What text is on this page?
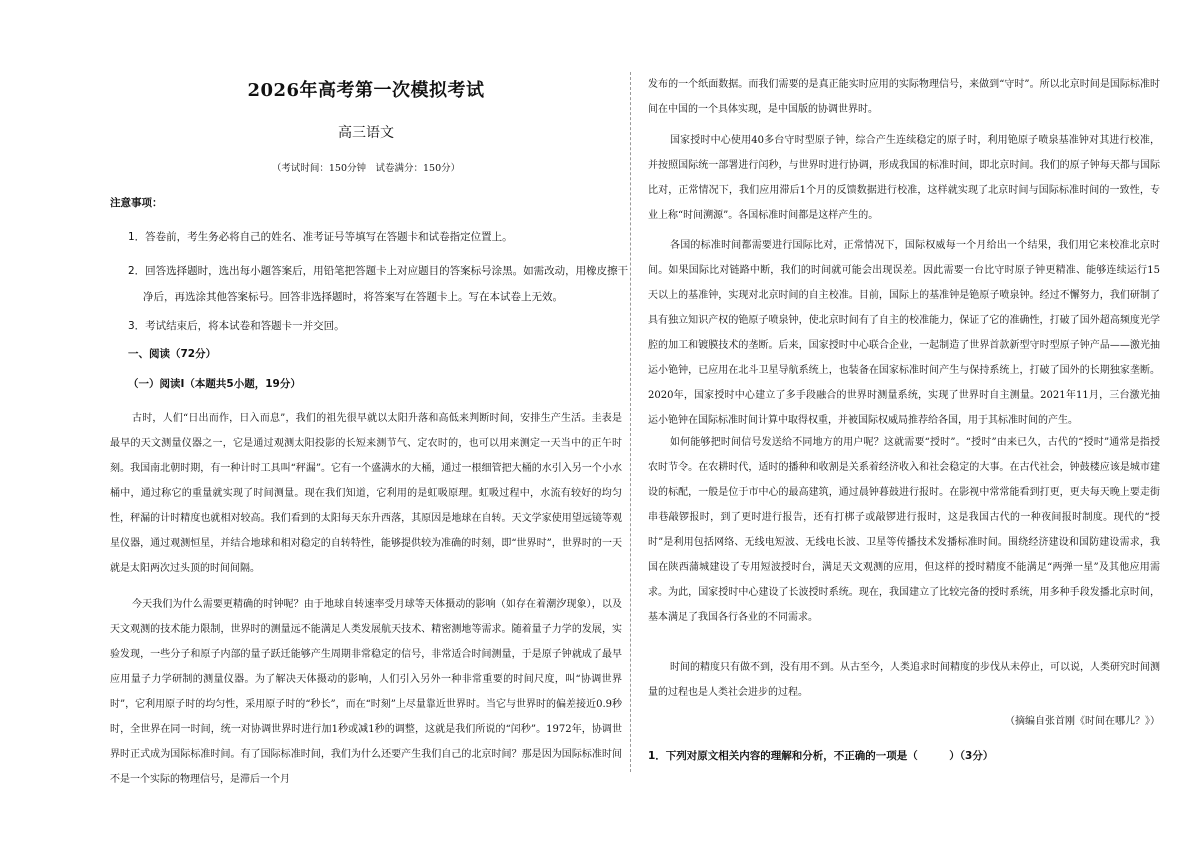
2026年高考第一次模拟考试

高三语文

（考试时间：150分钟　试卷满分：150分）

注意事项：

1．答卷前，考生务必将自己的姓名、准考证号等填写在答题卡和试卷指定位置上。

2．回答选择题时，选出每小题答案后，用铅笔把答题卡上对应题目的答案标号涂黑。如需改动，用橡皮擦干净后，再选涂其他答案标号。回答非选择题时，将答案写在答题卡上。写在本试卷上无效。

3．考试结束后，将本试卷和答题卡一并交回。

一、阅读（72分）

（一）阅读Ⅰ（本题共5小题，19分）

古时，人们“日出而作，日入而息”，我们的祖先很早就以太阳升落和高低来判断时间，安排生产生活。圭表是最早的天文测量仪器之一，它是通过观测太阳投影的长短来测节气、定农时的，也可以用来测定一天当中的正午时刻。我国南北朝时期，有一种计时工具叫“秤漏”。它有一个盛满水的大桶，通过一根细管把大桶的水引入另一个小水桶中，通过称它的重量就实现了时间测量。现在我们知道，它利用的是虹吸原理。虹吸过程中，水流有较好的均匀性，秤漏的计时精度也就相对较高。我们看到的太阳每天东升西落，其原因是地球在自转。天文学家使用望远镜等观星仪器，通过观测恒星，并结合地球和相对稳定的自转特性，能够提供较为准确的时刻，即“世界时”，世界时的一天就是太阳两次过头顶的时间间隔。

今天我们为什么需要更精确的时钟呢？由于地球自转速率受月球等天体摄动的影响（如存在着潮汐现象），以及天文观测的技术能力限制，世界时的测量远不能满足人类发展航天技术、精密测地等需求。随着量子力学的发展，实验发现，一些分子和原子内部的量子跃迁能够产生周期非常稳定的信号，非常适合时间测量，于是原子钟就成了最早应用量子力学研制的测量仪器。为了解决天体摄动的影响，人们引入另外一种非常重要的时间尺度，叫“协调世界时”，它利用原子时的均匀性，采用原子时的“秒长”，而在“时刻”上尽量靠近世界时。当它与世界时的偏差接近0.9秒时，全世界在同一时间，统一对协调世界时进行加1秒或减1秒的调整，这就是我们所说的“闰秒”。1972年，协调世界时正式成为国际标准时间。有了国际标准时间，我们为什么还要产生我们自己的北京时间？那是因为国际标准时间不是一个实际的物理信号，是滞后一个月

发布的一个纸面数据。而我们需要的是真正能实时应用的实际物理信号，来做到“守时”。所以北京时间是国际标准时间在中国的一个具体实现，是中国版的协调世界时。

国家授时中心使用40多台守时型原子钟，综合产生连续稳定的原子时，利用铯原子喷泉基准钟对其进行校准，并按照国际统一部署进行闰秒，与世界时进行协调，形成我国的标准时间，即北京时间。我们的原子钟每天都与国际比对，正常情况下，我们应用滞后1个月的反馈数据进行校准，这样就实现了北京时间与国际标准时间的一致性，专业上称“时间溯源”。各国标准时间都是这样产生的。

各国的标准时间都需要进行国际比对，正常情况下，国际权威每一个月给出一个结果，我们用它来校准北京时间。如果国际比对链路中断，我们的时间就可能会出现误差。因此需要一台比守时原子钟更精准、能够连续运行15天以上的基准钟，实现对北京时间的自主校准。目前，国际上的基准钟是铯原子喷泉钟。经过不懈努力，我们研制了具有独立知识产权的铯原子喷泉钟，使北京时间有了自主的校准能力，保证了它的准确性，打破了国外超高频度光学腔的加工和镀膜技术的垄断。后来，国家授时中心联合企业，一起制造了世界首款新型守时型原子钟产品——激光抽运小铯钟，已应用在北斗卫星导航系统上，也装备在国家标准时间产生与保持系统上，打破了国外的长期独家垄断。2020年，国家授时中心建立了多手段融合的世界时测量系统，实现了世界时自主测量。2021年11月，三台激光抽运小铯钟在国际标准时间计算中取得权重，并被国际权威局推荐给各国，用于其标准时间的产生。

如何能够把时间信号发送给不同地方的用户呢？这就需要“授时”。“授时”由来已久，古代的“授时”通常是指授农时节令。在农耕时代，适时的播种和收割是关系着经济收入和社会稳定的大事。在古代社会，钟鼓楼应该是城市建设的标配，一般是位于市中心的最高建筑，通过晨钟暮鼓进行报时。在影视中常常能看到打更，更夫每天晚上要走街串巷敲锣报时，到了更时进行报告，还有打梆子或敲锣进行报时，这是我国古代的一种夜间报时制度。现代的“授时”是利用包括网络、无线电短波、无线电长波、卫星等传播技术发播标准时间。围绕经济建设和国防建设需求，我国在陕西蒲城建设了专用短波授时台，满足天文观测的应用，但这样的授时精度不能满足“两弹一星”及其他应用需求。为此，国家授时中心建设了长波授时系统。现在，我国建立了比较完备的授时系统，用多种手段发播北京时间，基本满足了我国各行各业的不同需求。

时间的精度只有做不到，没有用不到。从古至今，人类追求时间精度的步伐从未停止，可以说，人类研究时间测量的过程也是人类社会进步的过程。

（摘编自张首刚《时间在哪儿？》）

1．下列对原文相关内容的理解和分析，不正确的一项是（　　　）（3分）
